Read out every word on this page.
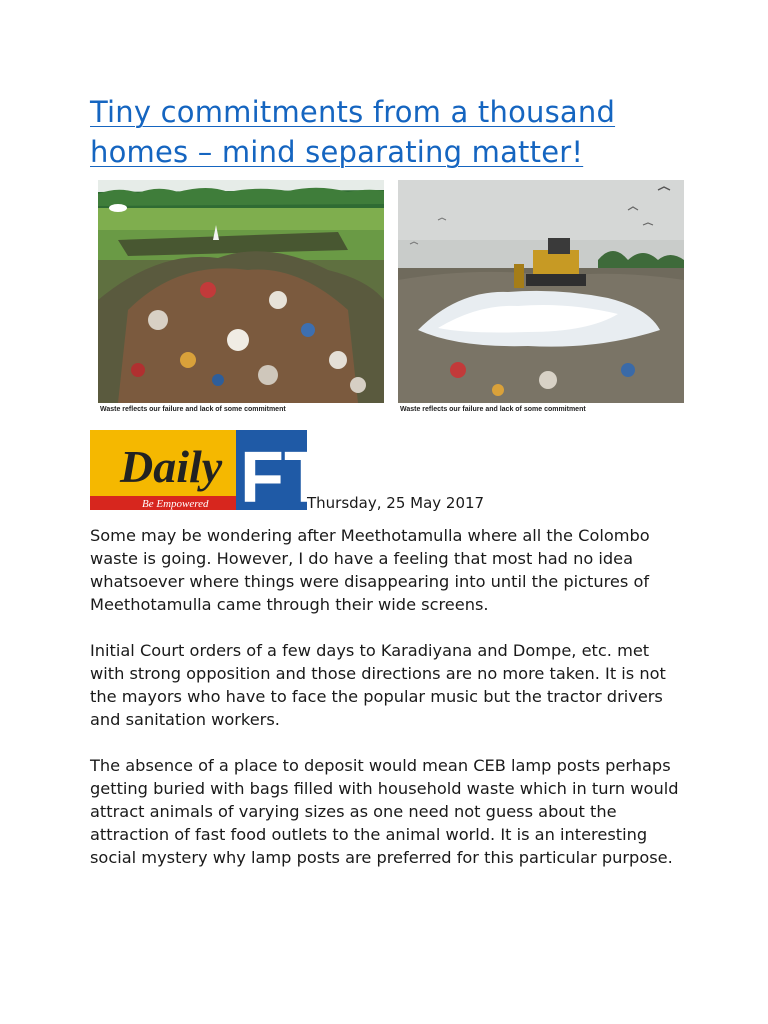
Tiny commitments from a thousand homes – mind separating matter!
Waste reflects our failure and lack of some commitment	Waste reflects our failure and lack of some commitment
Daily
Be Empowered FT
Thursday, 25 May 2017

Some may be wondering after Meethotamulla where all the Colombo waste is going. However, I do have a feeling that most had no idea whatsoever where things were disappearing into until the pictures of Meethotamulla came through their wide screens.

Initial Court orders of a few days to Karadiyana and Dompe, etc. met with strong opposition and those directions are no more taken. It is not the mayors who have to face the popular music but the tractor drivers and sanitation workers.

The absence of a place to deposit would mean CEB lamp posts perhaps getting buried with bags filled with household waste which in turn would attract animals of varying sizes as one need not guess about the attraction of fast food outlets to the animal world. It is an interesting social mystery why lamp posts are preferred for this particular purpose.
